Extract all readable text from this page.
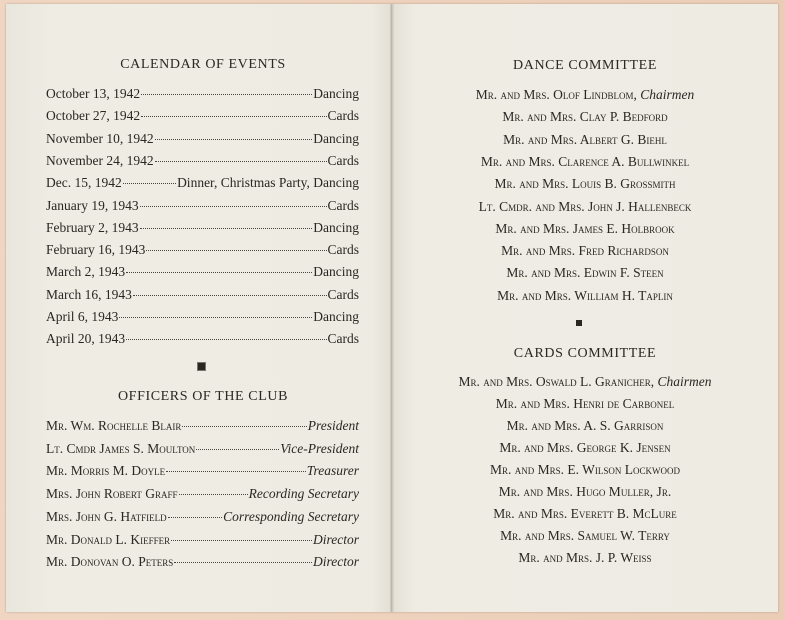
CALENDAR OF EVENTS
October 13, 1942	Dancing
October 27, 1942	Cards
November 10, 1942	Dancing
November 24, 1942	Cards
Dec. 15, 1942	Dinner, Christmas Party, Dancing
January 19, 1943	Cards
February 2, 1943	Dancing
February 16, 1943	Cards
March 2, 1943	Dancing
March 16, 1943	Cards
April 6, 1943	Dancing
April 20, 1943	Cards
OFFICERS OF THE CLUB
Mr. Wm. Rochelle Blair	President
Lt. Cmdr James S. Moulton	Vice-President
Mr. Morris M. Doyle	Treasurer
Mrs. John Robert Graff	Recording Secretary
Mrs. John G. Hatfield	Corresponding Secretary
Mr. Donald L. Kieffer	Director
Mr. Donovan O. Peters	Director
DANCE COMMITTEE
Mr. and Mrs. Olof Lindblom, Chairmen
Mr. and Mrs. Clay P. Bedford
Mr. and Mrs. Albert G. Biehl
Mr. and Mrs. Clarence A. Bullwinkel
Mr. and Mrs. Louis B. Grossmith
Lt. Cmdr. and Mrs. John J. Hallenbeck
Mr. and Mrs. James E. Holbrook
Mr. and Mrs. Fred Richardson
Mr. and Mrs. Edwin F. Steen
Mr. and Mrs. William H. Taplin
CARDS COMMITTEE
Mr. and Mrs. Oswald L. Granicher, Chairmen
Mr. and Mrs. Henri de Carbonel
Mr. and Mrs. A. S. Garrison
Mr. and Mrs. George K. Jensen
Mr. and Mrs. E. Wilson Lockwood
Mr. and Mrs. Hugo Muller, Jr.
Mr. and Mrs. Everett B. McLure
Mr. and Mrs. Samuel W. Terry
Mr. and Mrs. J. P. Weiss
